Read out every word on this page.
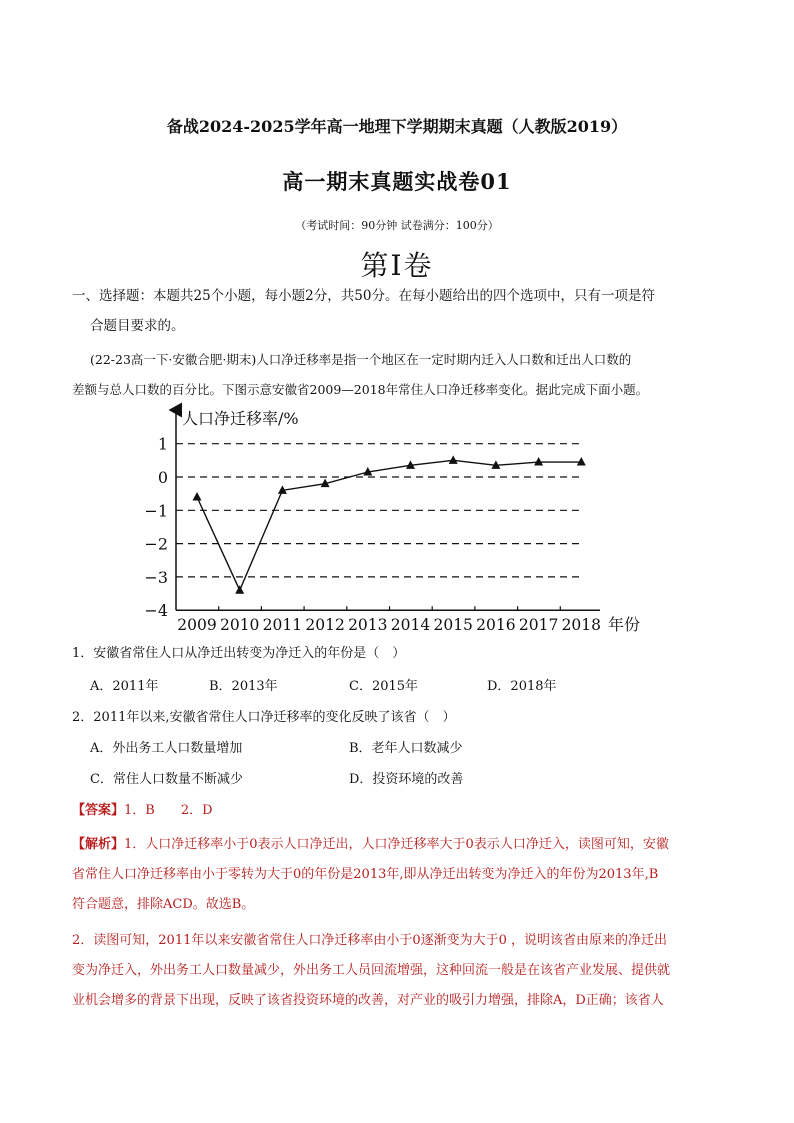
备战2024-2025学年高一地理下学期期末真题（人教版2019）
高一期末真题实战卷01
（考试时间：90分钟 试卷满分：100分）
第Ⅰ卷
一、选择题：本题共25个小题，每小题2分，共50分。在每小题给出的四个选项中，只有一项是符
合题目要求的。
(22-23高一下·安徽合肥·期末)人口净迁移率是指一个地区在一定时期内迁入人口数和迁出人口数的
差额与总人口数的百分比。下图示意安徽省2009—2018年常住人口净迁移率变化。据此完成下面小题。
1
0
−1
−2
−3
−4
2009 2010 2011 2012 2013 2014 2015 2016 2017 2018
人口净迁移率/%
年份
1．安徽省常住人口从净迁出转变为净迁入的年份是（　）
A．2011年	B．2013年	C．2015年	D．2018年
2．2011年以来,安徽省常住人口净迁移率的变化反映了该省（　）
A．外出务工人口数量增加	B．老年人口数减少
C．常住人口数量不断减少	D．投资环境的改善
【答案】1．B　　2．D
【解析】1．人口净迁移率小于0表示人口净迁出，人口净迁移率大于0表示人口净迁入，读图可知，安徽
省常住人口净迁移率由小于零转为大于0的年份是2013年,即从净迁出转变为净迁入的年份为2013年,B
符合题意，排除ACD。故选B。
2．读图可知，2011年以来安徽省常住人口净迁移率由小于0逐渐变为大于0 ，说明该省由原来的净迁出
变为净迁入，外出务工人口数量减少，外出务工人员回流增强，这种回流一般是在该省产业发展、提供就
业机会增多的背景下出现，反映了该省投资环境的改善，对产业的吸引力增强，排除A，D正确；该省人
